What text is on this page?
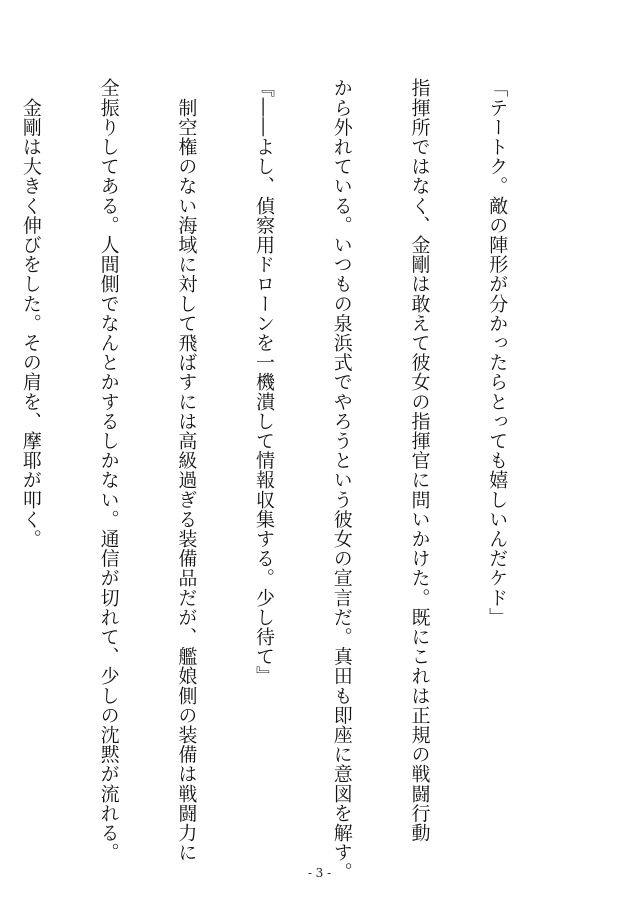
「テートク。敵の陣形が分かったらとっても嬉しいんだケド」

指揮所ではなく、金剛は敢えて彼女の指揮官に問いかけた。既にこれは正規の戦闘行動

から外れている。いつもの泉浜式でやろうという彼女の宣言だ。真田も即座に意図を解す。

『――よし、偵察用ドローンを一機潰して情報収集する。少し待て』

　制空権のない海域に対して飛ばすには高級過ぎる装備品だが、艦娘側の装備は戦闘力に

全振りしてある。人間側でなんとかするしかない。通信が切れて、少しの沈黙が流れる。

　金剛は大きく伸びをした。その肩を、摩耶が叩く。

- 3 -
